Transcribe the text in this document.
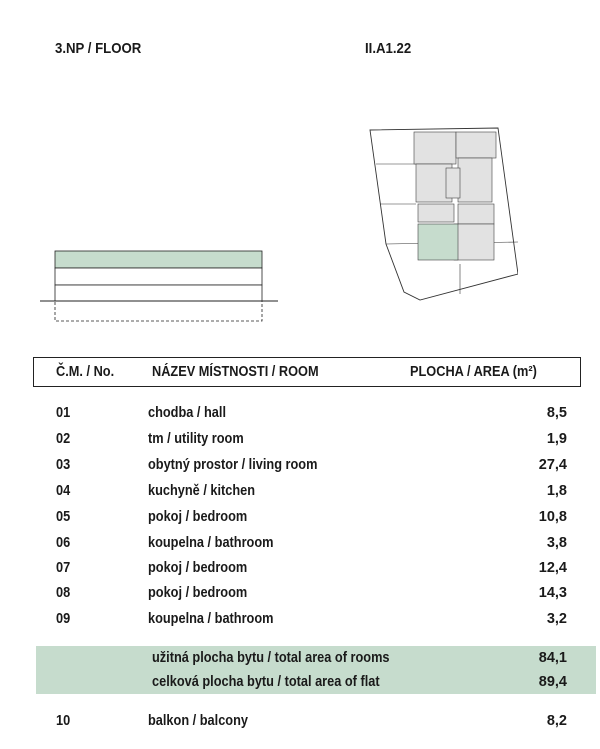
3.NP / FLOOR	II.A1.22
Č.M. / No.	NÁZEV MÍSTNOSTI / ROOM	PLOCHA / AREA (m²)
01	chodba / hall	8,5
02	tm / utility room	1,9
03	obytný prostor / living room	27,4
04	kuchyně / kitchen	1,8
05	pokoj / bedroom	10,8
06	koupelna / bathroom	3,8
07	pokoj / bedroom	12,4
08	pokoj / bedroom	14,3
09	koupelna / bathroom	3,2
užitná plocha bytu / total area of rooms	84,1
celková plocha bytu / total area of flat	89,4
10	balkon / balcony	8,2
